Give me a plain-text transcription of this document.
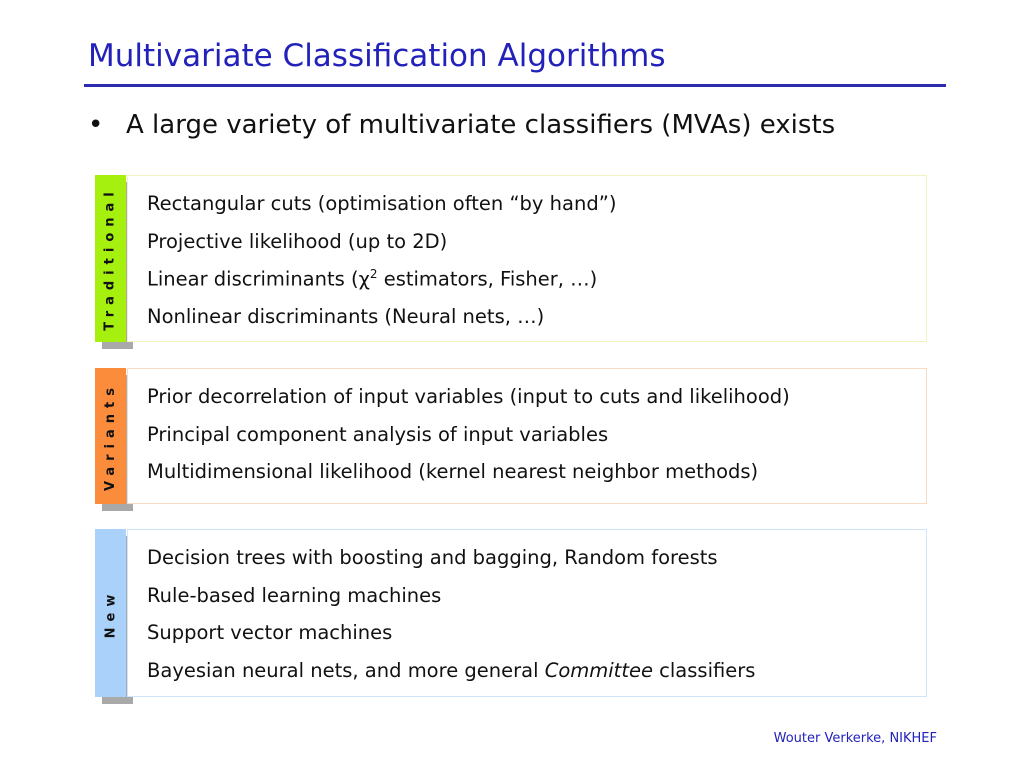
Multivariate Classification Algorithms
• A large variety of multivariate classifiers (MVAs) exists
Traditional Rectangular cuts (optimisation often “by hand”)
Projective likelihood (up to 2D)
Linear discriminants ($\chi^2$ estimators, Fisher, …)
Nonlinear discriminants (Neural nets, …)
Variants Prior decorrelation of input variables (input to cuts and likelihood)
Principal component analysis of input variables
Multidimensional likelihood (kernel nearest neighbor methods)
New
Decision trees with boosting and bagging, Random forests
Rule-based learning machines
Support vector machines
Bayesian neural nets, and more general Committee classifiers
Wouter Verkerke, NIKHEF
